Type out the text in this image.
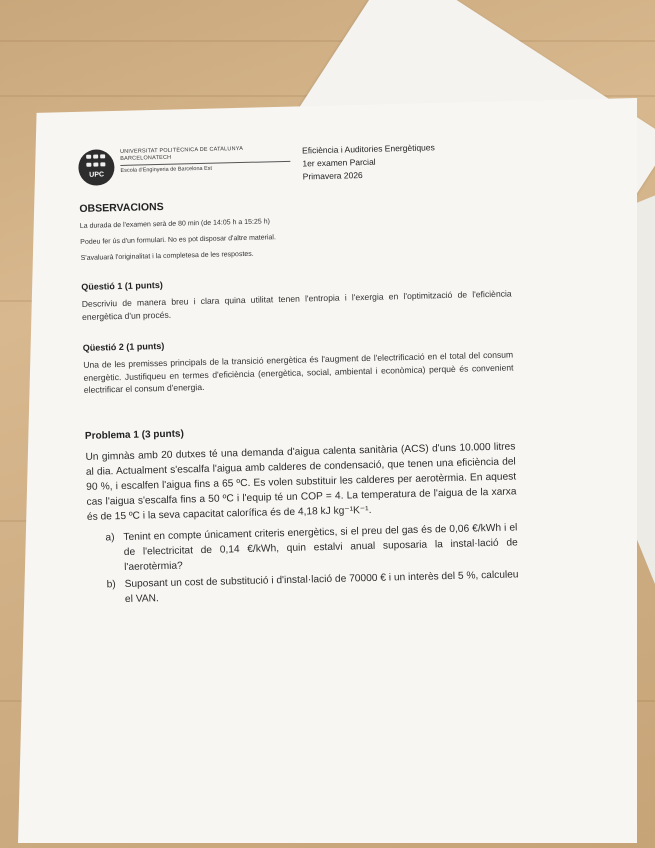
UPC
UNIVERSITAT POLITÈCNICA DE CATALUNYA
BARCELONATECH
Escola d'Enginyeria de Barcelona Est
Eficiència i Auditories Energètiques
1er examen Parcial
Primavera 2026
OBSERVACIONS
La durada de l'examen serà de 80 min (de 14:05 h a 15:25 h)
Podeu fer ús d'un formulari. No es pot disposar d'altre material.
S'avaluarà l'originalitat i la completesa de les respostes.
Qüestió 1 (1 punts)
Descriviu de manera breu i clara quina utilitat tenen l'entropia i l'exergia en l'optimització de l'eficiència energètica d'un procés.
Qüestió 2 (1 punts)
Una de les premisses principals de la transició energètica és l'augment de l'electrificació en el total del consum energètic. Justifiqueu en termes d'eficiència (energètica, social, ambiental i econòmica) perquè és convenient electrificar el consum d'energia.
Problema 1 (3 punts)
Un gimnàs amb 20 dutxes té una demanda d'aigua calenta sanitària (ACS) d'uns 10.000 litres al dia. Actualment s'escalfa l'aigua amb calderes de condensació, que tenen una eficiència del 90 %, i escalfen l'aigua fins a 65 ºC. Es volen substituir les calderes per aerotèrmia. En aquest cas l'aigua s'escalfa fins a 50 ºC i l'equip té un COP = 4. La temperatura de l'aigua de la xarxa és de 15 ºC i la seva capacitat calorífica és de 4,18 kJ kg⁻¹K⁻¹.
a) Tenint en compte únicament criteris energètics, si el preu del gas és de 0,06 €/kWh i el de l'electricitat de 0,14 €/kWh, quin estalvi anual suposaria la instal·lació de l'aerotèrmia?
b) Suposant un cost de substitució i d'instal·lació de 70000 € i un interès del 5 %, calculeu el VAN.
